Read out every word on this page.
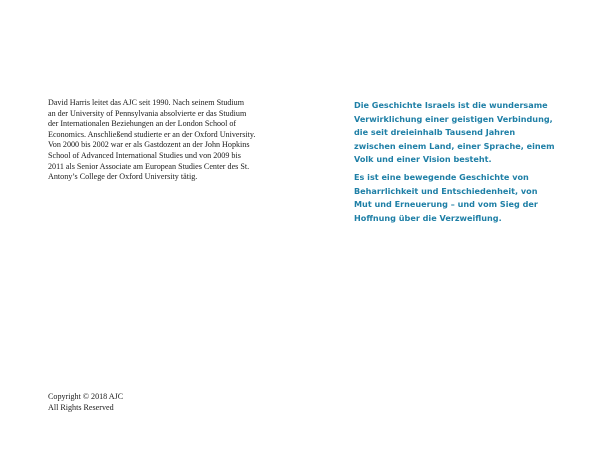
David Harris leitet das AJC seit 1990. Nach seinem Studium
an der University of Pennsylvania absolvierte er das Studium
der Internationalen Beziehungen an der London School of
Economics. Anschließend studierte er an der Oxford University.
Von 2000 bis 2002 war er als Gastdozent an der John Hopkins
School of Advanced International Studies und von 2009 bis
2011 als Senior Associate am European Studies Center des St.
Antony’s College der Oxford University tätig.

Copyright © 2018 AJC
All Rights Reserved

Die Geschichte Israels ist die wundersame
Verwirklichung einer geistigen Verbindung,
die seit dreieinhalb Tausend Jahren
zwischen einem Land, einer Sprache, einem
Volk und einer Vision besteht.

Es ist eine bewegende Geschichte von
Beharrlichkeit und Entschiedenheit, von
Mut und Erneuerung – und vom Sieg der
Hoffnung über die Verzweiflung.
